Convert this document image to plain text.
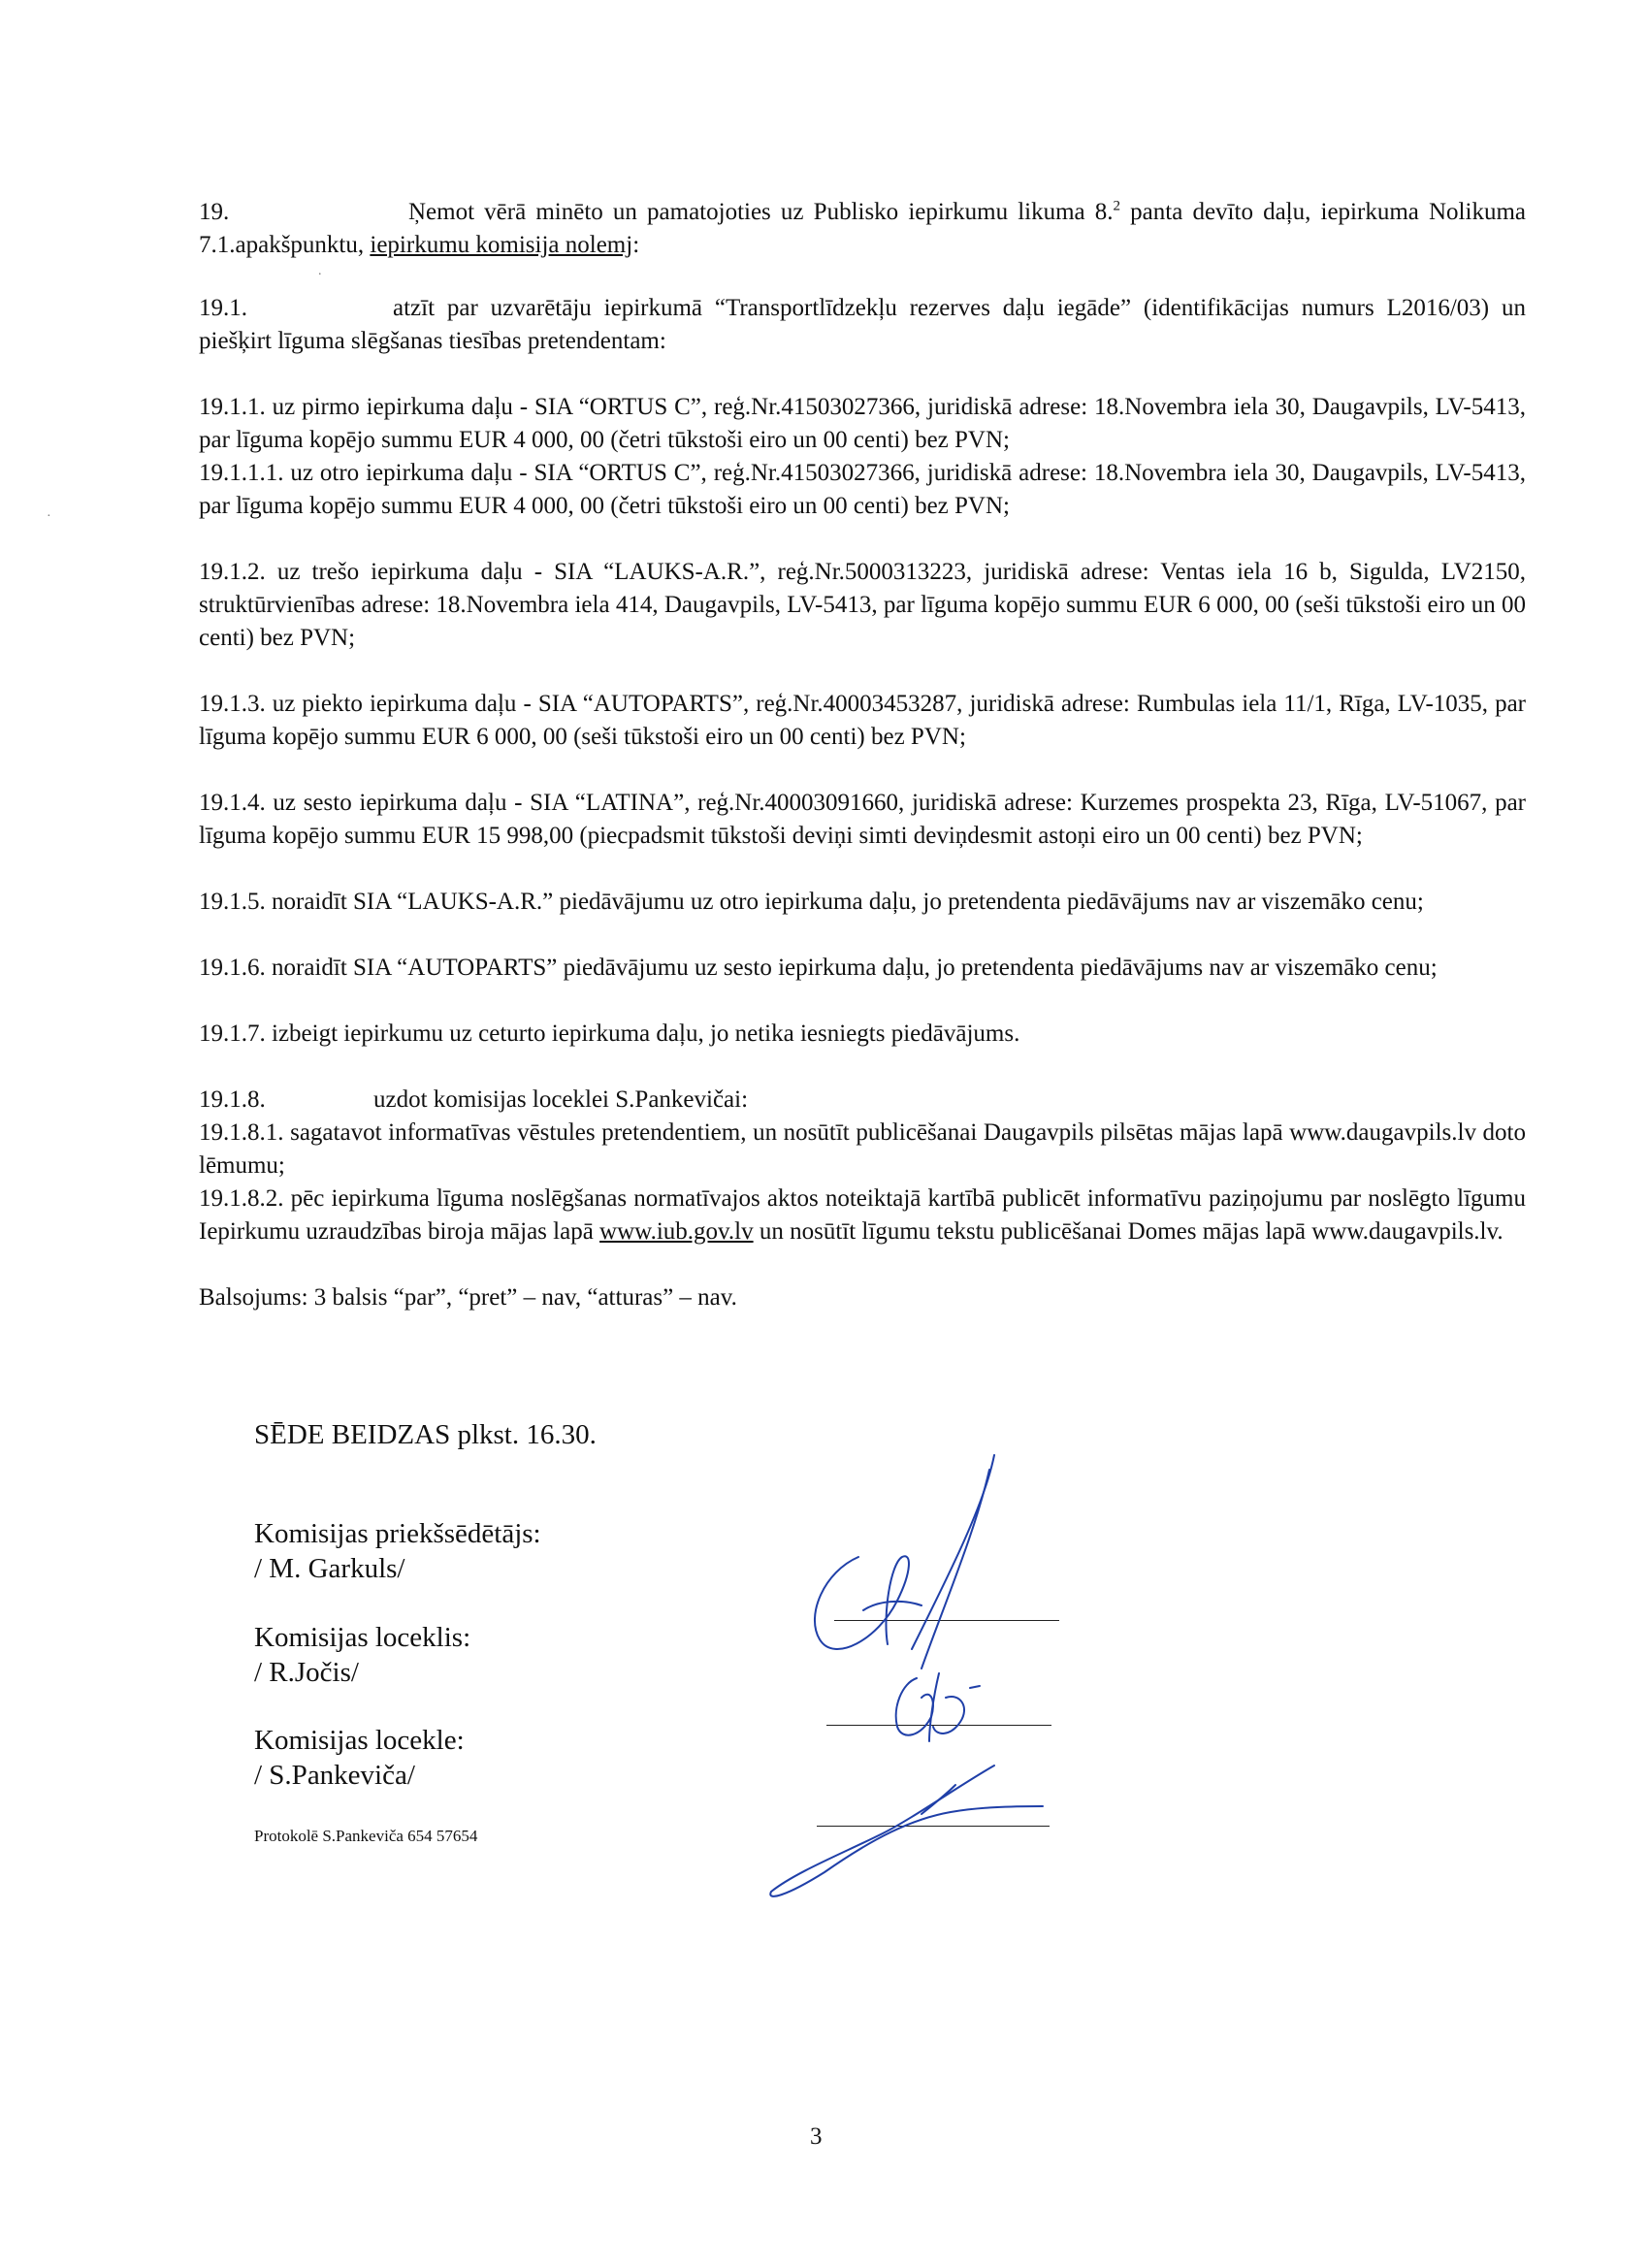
19.	Ņemot vērā minēto un pamatojoties uz Publisko iepirkumu likuma 8.$^2$ panta devīto daļu, iepirkuma Nolikuma 7.1.apakšpunktu, iepirkumu komisija nolemj:

19.1.	atzīt par uzvarētāju iepirkumā “Transportlīdzekļu rezerves daļu iegāde” (identifikācijas numurs L2016/03) un piešķirt līguma slēgšanas tiesības pretendentam:

19.1.1. uz pirmo iepirkuma daļu - SIA “ORTUS C”, reģ.Nr.41503027366, juridiskā adrese: 18.Novembra iela 30, Daugavpils, LV-5413, par līguma kopējo summu EUR 4 000, 00 (četri tūkstoši eiro un 00 centi) bez PVN;

19.1.1.1. uz otro iepirkuma daļu - SIA “ORTUS C”, reģ.Nr.41503027366, juridiskā adrese: 18.Novembra iela 30, Daugavpils, LV-5413, par līguma kopējo summu EUR 4 000, 00 (četri tūkstoši eiro un 00 centi) bez PVN;

19.1.2. uz trešo iepirkuma daļu - SIA “LAUKS-A.R.”, reģ.Nr.5000313223, juridiskā adrese: Ventas iela 16 b, Sigulda, LV2150, struktūrvienības adrese: 18.Novembra iela 414, Daugavpils, LV-5413, par līguma kopējo summu EUR 6 000, 00 (seši tūkstoši eiro un 00 centi) bez PVN;

19.1.3. uz piekto iepirkuma daļu - SIA “AUTOPARTS”, reģ.Nr.40003453287, juridiskā adrese: Rumbulas iela 11/1, Rīga, LV-1035, par līguma kopējo summu EUR 6 000, 00 (seši tūkstoši eiro un 00 centi) bez PVN;

19.1.4. uz sesto iepirkuma daļu - SIA “LATINA”, reģ.Nr.40003091660, juridiskā adrese: Kurzemes prospekta 23, Rīga, LV-51067, par līguma kopējo summu EUR 15 998,00 (piecpadsmit tūkstoši deviņi simti deviņdesmit astoņi eiro un 00 centi) bez PVN;

19.1.5. noraidīt SIA “LAUKS-A.R.” piedāvājumu uz otro iepirkuma daļu, jo pretendenta piedāvājums nav ar viszemāko cenu;

19.1.6. noraidīt SIA “AUTOPARTS” piedāvājumu uz sesto iepirkuma daļu, jo pretendenta piedāvājums nav ar viszemāko cenu;

19.1.7. izbeigt iepirkumu uz ceturto iepirkuma daļu, jo netika iesniegts piedāvājums.

19.1.8.	uzdot komisijas loceklei S.Pankevičai:

19.1.8.1. sagatavot informatīvas vēstules pretendentiem, un nosūtīt publicēšanai Daugavpils pilsētas mājas lapā www.daugavpils.lv doto lēmumu;

19.1.8.2. pēc iepirkuma līguma noslēgšanas normatīvajos aktos noteiktajā kartībā publicēt informatīvu paziņojumu par noslēgto līgumu Iepirkumu uzraudzības biroja mājas lapā www.iub.gov.lv un nosūtīt līgumu tekstu publicēšanai Domes mājas lapā www.daugavpils.lv.

Balsojums: 3 balsis “par”, “pret” – nav, “atturas” – nav.

SĒDE BEIDZAS plkst. 16.30.
Komisijas priekšsēdētājs:
/ M. Garkuls/
Komisijas loceklis:
/ R.Jočis/
Komisijas locekle:
/ S.Pankeviča/
.
·
Protokolē S.Pankeviča 654 57654
3
